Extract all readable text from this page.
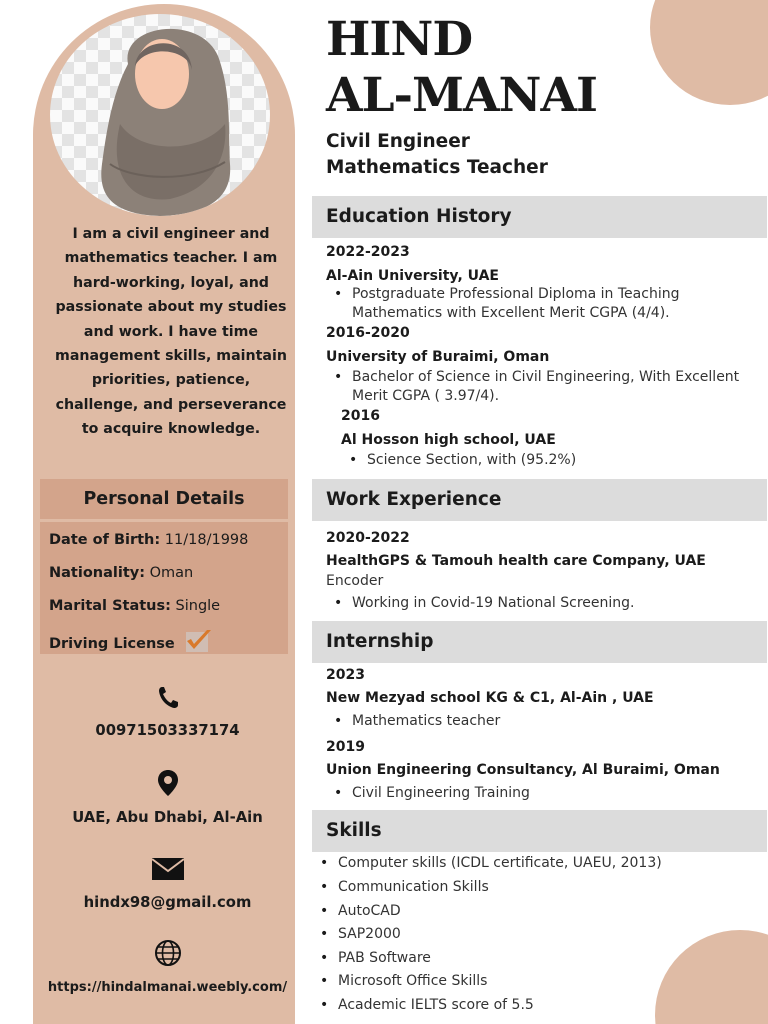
I am a civil engineer and mathematics teacher. I am hard-working, loyal, and passionate about my studies and work. I have time management skills, maintain priorities, patience, challenge, and perseverance to acquire knowledge.
Personal Details
Date of Birth: 11/18/1998
Nationality: Oman
Marital Status: Single
Driving License
00971503337174
UAE, Abu Dhabi, Al-Ain
hindx98@gmail.com
https://hindalmanai.weebly.com/
HIND
AL-MANAI
Civil Engineer
Mathematics Teacher
Education History
2022-2023
Al-Ain University, UAE
• Postgraduate Professional Diploma in Teaching
Mathematics with Excellent Merit CGPA (4/4).
2016-2020
University of Buraimi, Oman
• Bachelor of Science in Civil Engineering, With Excellent
Merit CGPA ( 3.97/4).
2016
Al Hosson high school, UAE
• Science Section, with (95.2%)
Work Experience
2020-2022
HealthGPS & Tamouh health care Company, UAE
Encoder
• Working in Covid-19 National Screening.
Internship
2023
New Mezyad school KG & C1, Al-Ain , UAE
• Mathematics teacher
2019
Union Engineering Consultancy, Al Buraimi, Oman
• Civil Engineering Training
Skills
• Computer skills (ICDL certificate, UAEU, 2013)
• Communication Skills
• AutoCAD
• SAP2000
• PAB Software
• Microsoft Office Skills
• Academic IELTS score of 5.5
